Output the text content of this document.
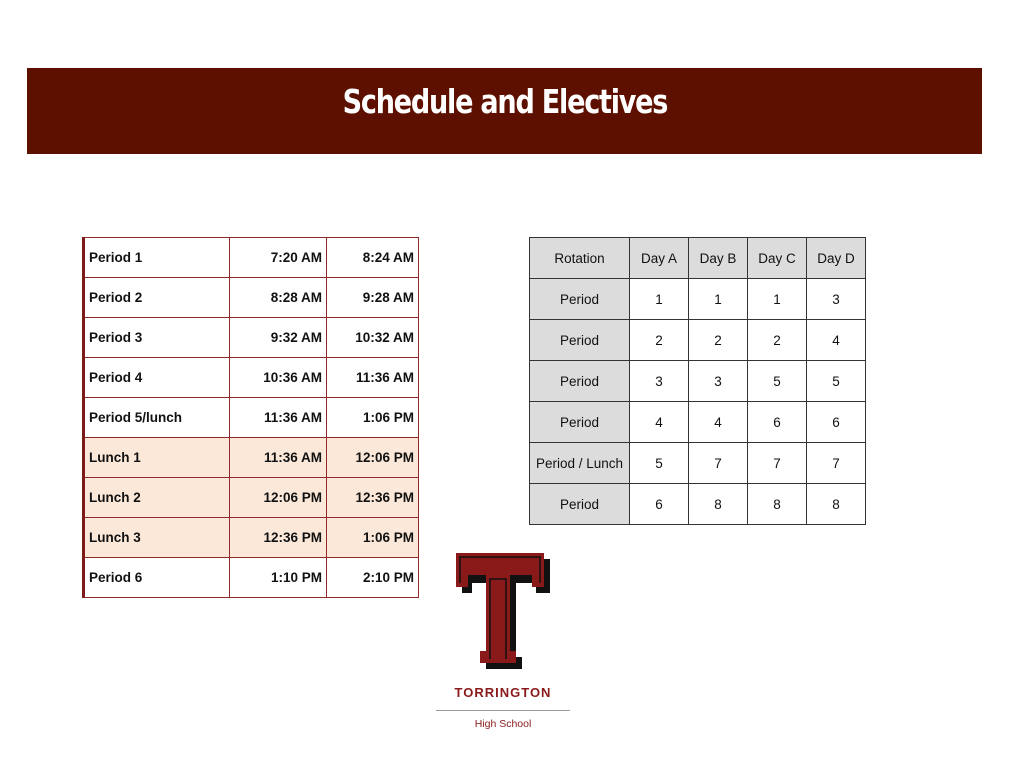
Schedule and Electives
Period 1	7:20 AM	8:24 AM
Period 2	8:28 AM	9:28 AM
Period 3	9:32 AM	10:32 AM
Period 4	10:36 AM	11:36 AM
Period 5/lunch	11:36 AM	1:06 PM
Lunch 1	11:36 AM	12:06 PM
Lunch 2	12:06 PM	12:36 PM
Lunch 3	12:36 PM	1:06 PM
Period 6	1:10 PM	2:10 PM
Rotation	Day A	Day B	Day C	Day D
Period	1	1	1	3
Period	2	2	2	4
Period	3	3	5	5
Period	4	4	6	6
Period / Lunch	5	7	7	7
Period	6	8	8	8
TORRINGTON
High School
